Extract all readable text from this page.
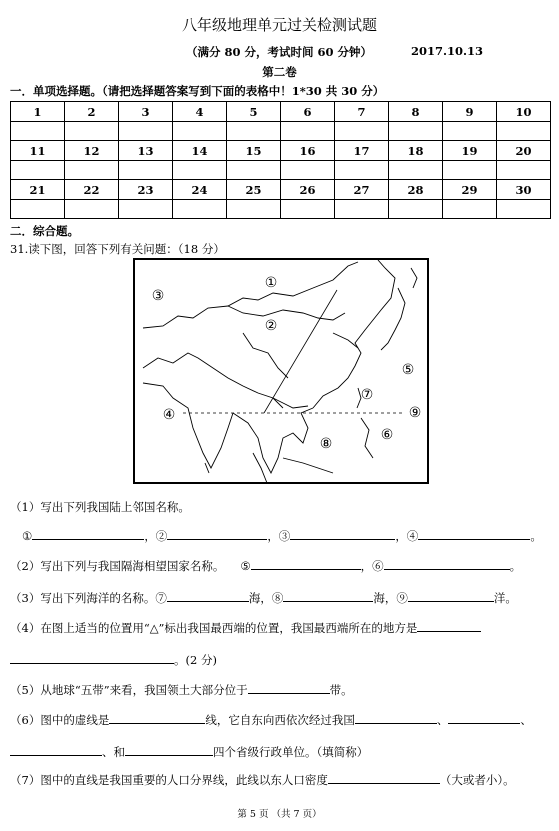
八年级地理单元过关检测试题
（满分 80 分，考试时间 60 分钟）	2017.10.13
第二卷
一．单项选择题。（请把选择题答案写到下面的表格中！1*30 共 30 分）
1	2	3	4	5	6	7	8	9	10

11	12	13	14	15	16	17	18	19	20

21	22	23	24	25	26	27	28	29	30

二．综合题。
31.读下图，回答下列有关问题：（18 分）
①
②
③
④
⑤
⑥
⑦
⑧
⑨
（1）写出下列我国陆上邻国名称。
①	，②	，③	，④	。
（2）写出下列与我国隔海相望国家名称。 ⑤	，⑥	。
（3）写出下列海洋的名称。⑦	海，⑧	海，⑨	洋。
（4）在图上适当的位置用“△”标出我国最西端的位置，我国最西端所在的地方是
。(2 分)
（5）从地球“五带”来看，我国领土大部分位于	带。
（6）图中的虚线是	线，它自东向西依次经过我国	、	、
、和	四个省级行政单位。（填简称）
（7）图中的直线是我国重要的人口分界线，此线以东人口密度	（大或者小）。
第 5 页 （共 7 页）
